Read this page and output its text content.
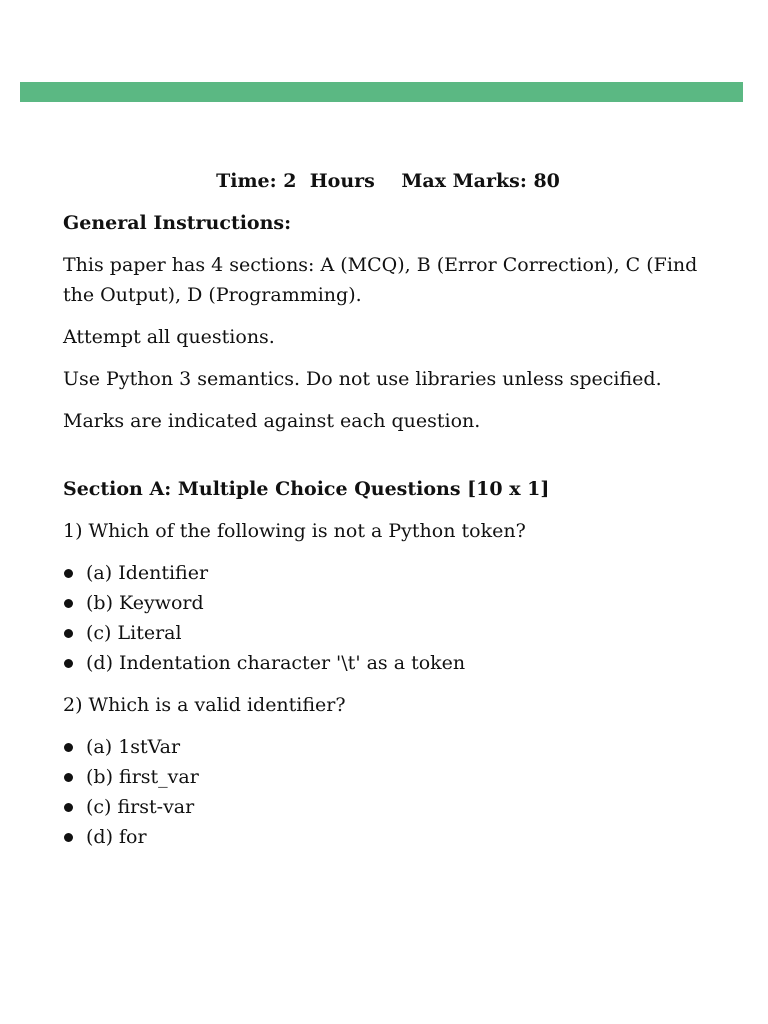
Time: 2  Hours    Max Marks: 80
General Instructions:
This paper has 4 sections: A (MCQ), B (Error Correction), C (Find the Output), D (Programming).
Attempt all questions.
Use Python 3 semantics. Do not use libraries unless specified.
Marks are indicated against each question.
Section A: Multiple Choice Questions [10 x 1]
1) Which of the following is not a Python token?
(a) Identifier
(b) Keyword
(c) Literal
(d) Indentation character '\t' as a token
2) Which is a valid identifier?
(a) 1stVar
(b) first_var
(c) first-var
(d) for
